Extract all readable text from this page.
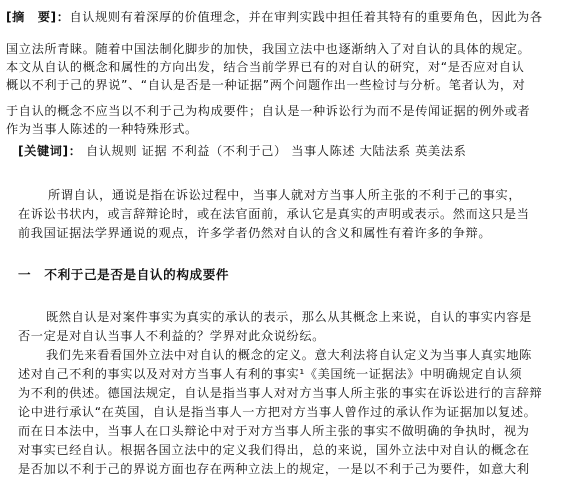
[摘　要]：自认规则有着深厚的价值理念，并在审判实践中担任着其特有的重要角色，因此为各
国立法所青睐。随着中国法制化脚步的加快，我国立法中也逐渐纳入了对自认的具体的规定。
本文从自认的概念和属性的方向出发，结合当前学界已有的对自认的研究，对“是否应对自认
概以不利于己的界说”、“自认是否是一种证据”两个问题作出一些检讨与分析。笔者认为，对
于自认的概念不应当以不利于己为构成要件；自认是一种诉讼行为而不是传闻证据的例外或者
作为当事人陈述的一种特殊形式。
[关键词]： 自认规则 证据 不利益（不利于己） 当事人陈述 大陆法系 英美法系
所谓自认，通说是指在诉讼过程中，当事人就对方当事人所主张的不利于己的事实，
在诉讼书状内，或言辞辩论时，或在法官面前，承认它是真实的声明或表示。然而这只是当
前我国证据法学界通说的观点，许多学者仍然对自认的含义和属性有着许多的争辩。
一　不利于己是否是自认的构成要件
既然自认是对案件事实为真实的承认的表示，那么从其概念上来说，自认的事实内容是
否一定是对自认当事人不利益的？学界对此众说纷纭。
我们先来看看国外立法中对自认的概念的定义。意大利法将自认定义为当事人真实地陈
述对自己不利的事实以及对对方当事人有利的事实¹《美国统一证据法》中明确规定自认须
为不利的供述。德国法规定，自认是指当事人对对方当事人所主张的事实在诉讼进行的言辞辩
论中进行承认“在英国，自认是指当事人一方把对方当事人曾作过的承认作为证据加以复述。
而在日本法中，当事人在口头辩论中对于对方当事人所主张的事实不做明确的争执时，视为
对事实已经自认。根据各国立法中的定义我们得出，总的来说，国外立法中对自认的概念在
是否加以不利于己的界说方面也存在两种立法上的规定，一是以不利于己为要件，如意大利
